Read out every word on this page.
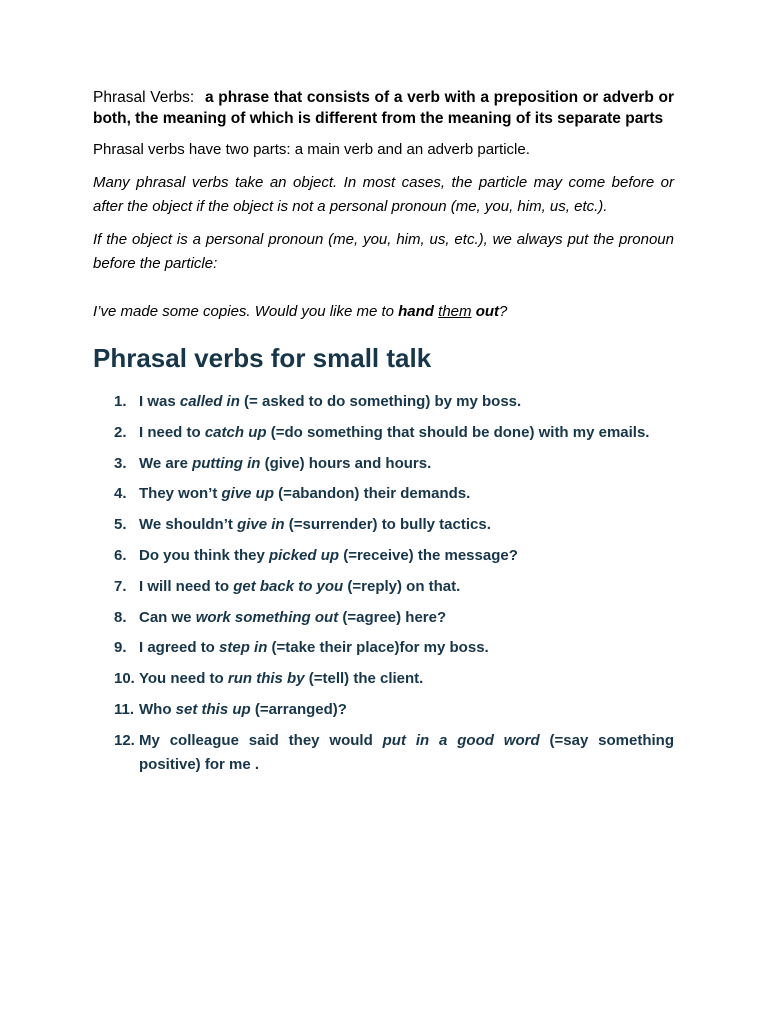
Phrasal Verbs: a phrase that consists of a verb with a preposition or adverb or both, the meaning of which is different from the meaning of its separate parts

Phrasal verbs have two parts: a main verb and an adverb particle.

Many phrasal verbs take an object. In most cases, the particle may come before or after the object if the object is not a personal pronoun (me, you, him, us, etc.).

If the object is a personal pronoun (me, you, him, us, etc.), we always put the pronoun before the particle:

I’ve made some copies. Would you like me to hand them out?

Phrasal verbs for small talk
1. I was called in (= asked to do something) by my boss.
2. I need to catch up (=do something that should be done) with my emails.
3. We are putting in (give) hours and hours.
4. They won’t give up (=abandon) their demands.
5. We shouldn’t give in (=surrender) to bully tactics.
6. Do you think they picked up (=receive) the message?
7. I will need to get back to you (=reply) on that.
8. Can we work something out (=agree) here?
9. I agreed to step in (=take their place)for my boss.
10. You need to run this by (=tell) the client.
11. Who set this up (=arranged)?
12. My colleague said they would put in a good word (=say something positive) for me .
